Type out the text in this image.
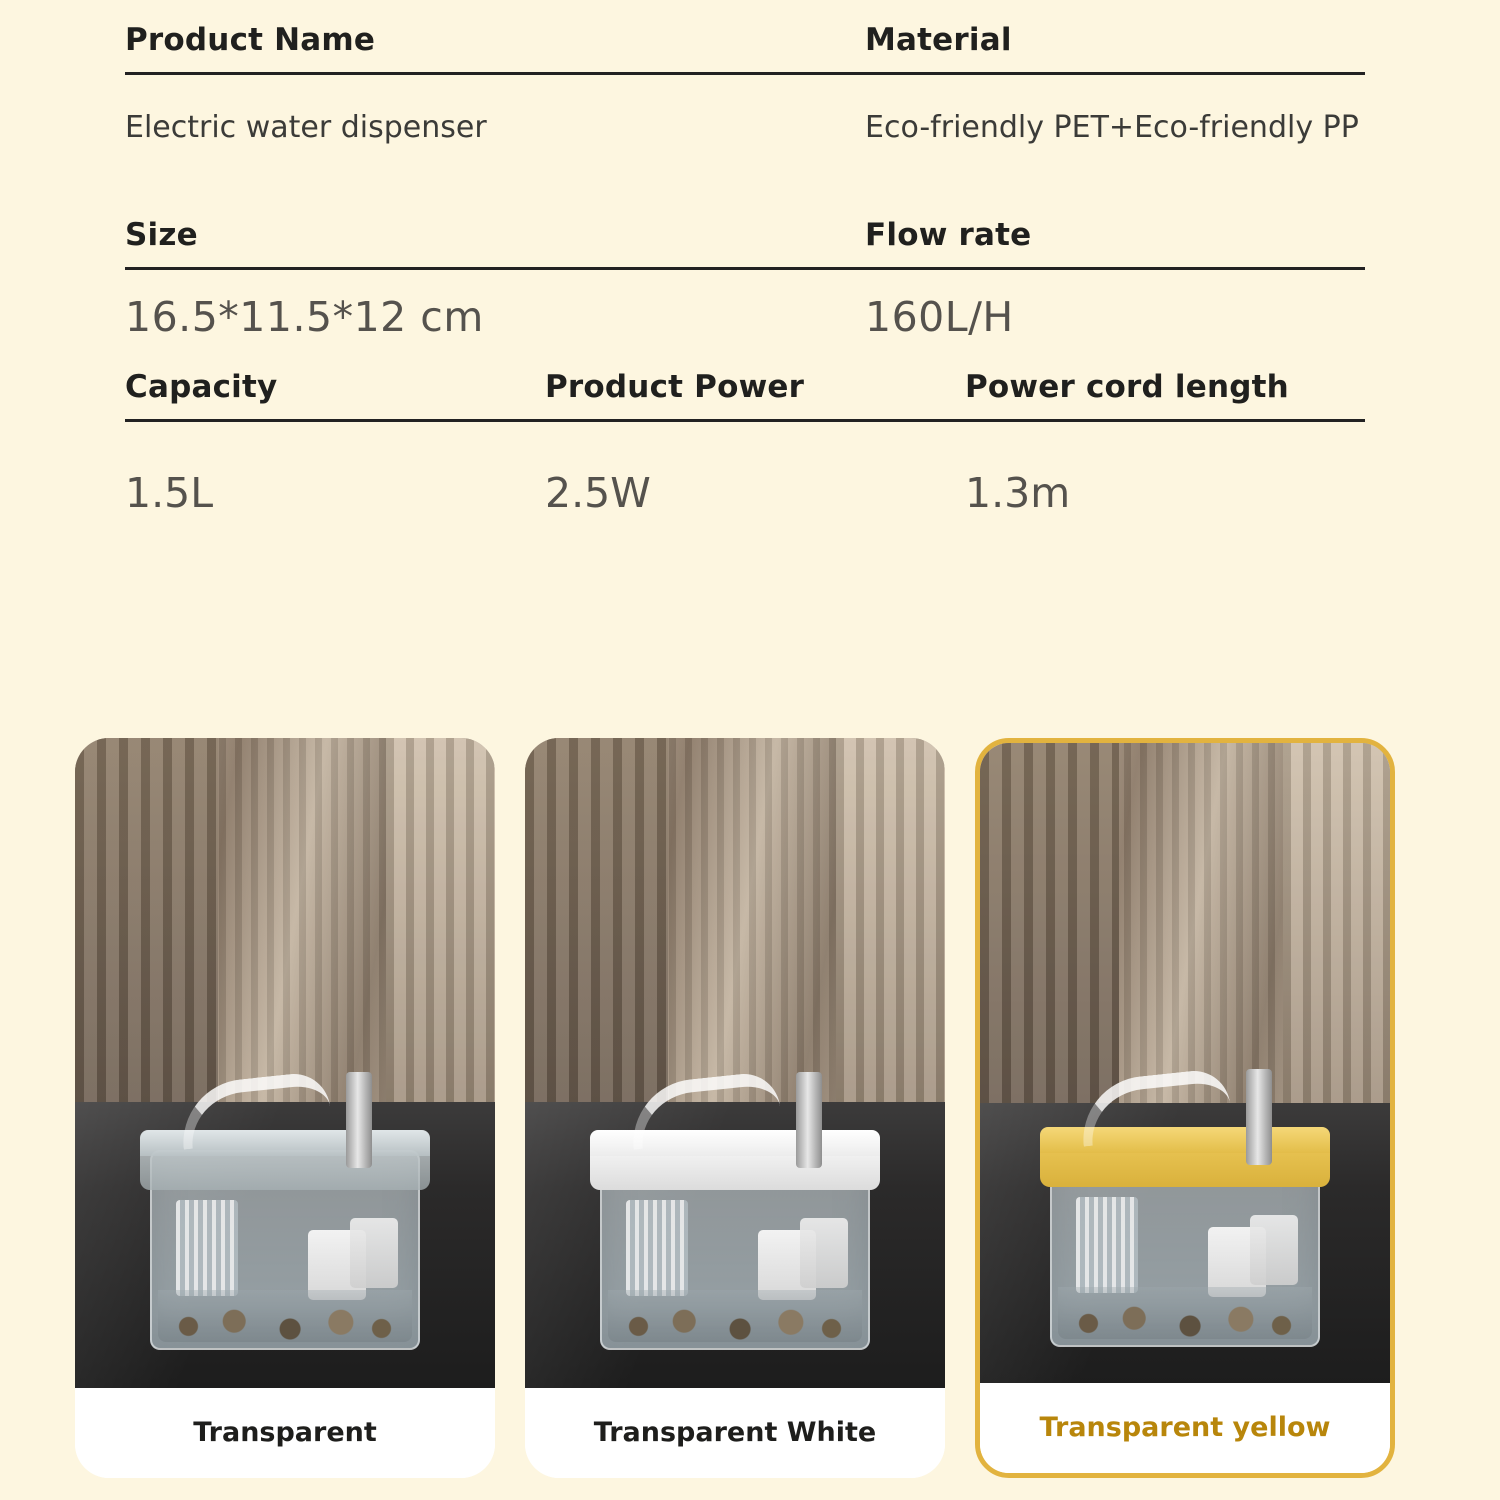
Product Name	Material
Electric water dispenser	Eco-friendly PET+Eco-friendly PP
Size	Flow rate
16.5*11.5*12 cm	160L/H
Capacity	Product Power	Power cord length
1.5L	2.5W	1.3m
Transparent	Transparent White	Transparent yellow
